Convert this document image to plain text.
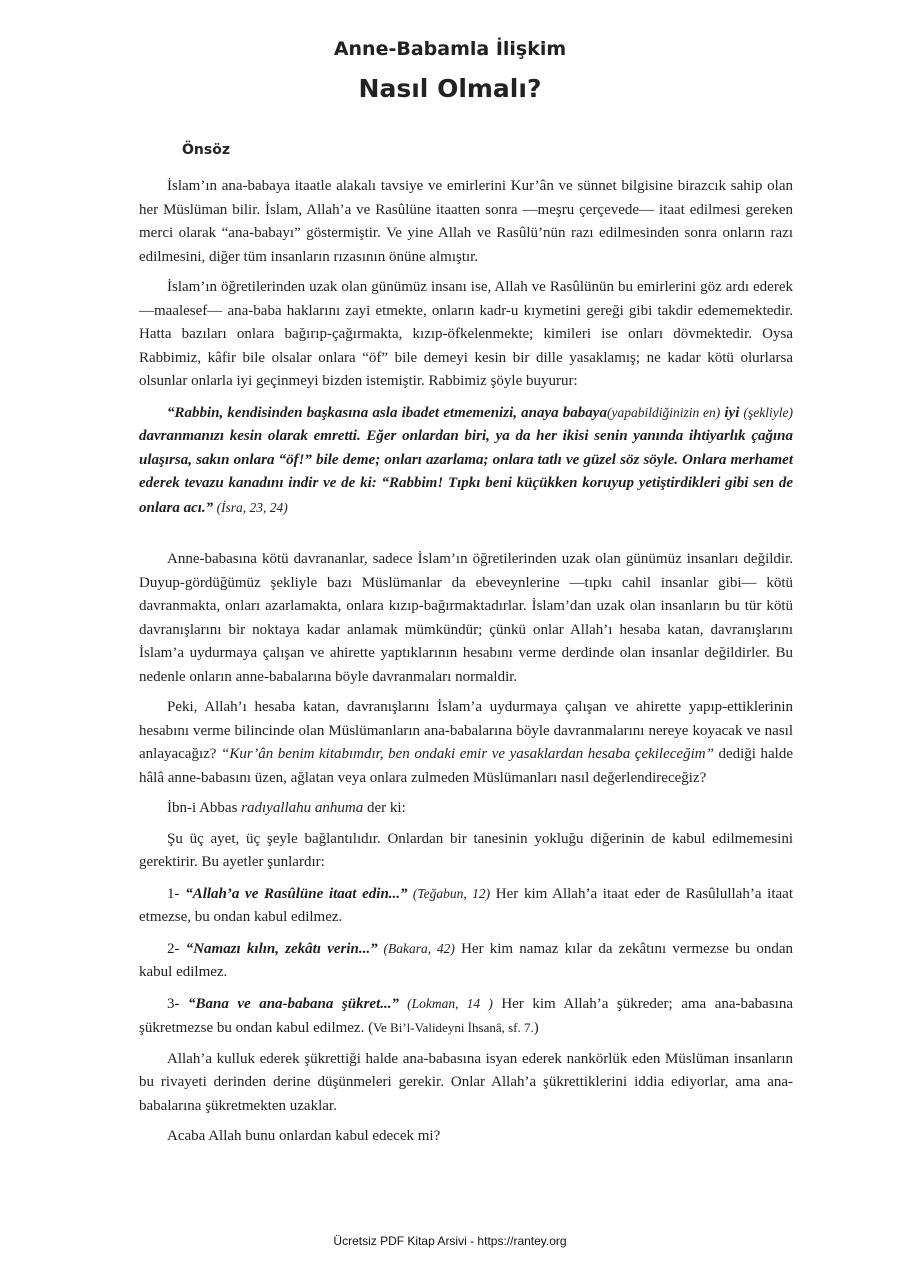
Anne-Babamla İlişkim
Nasıl Olmalı?
Önsöz

İslam’ın ana-babaya itaatle alakalı tavsiye ve emirlerini Kur’ân ve sünnet bilgisine birazcık sahip olan her Müslüman bilir. İslam, Allah’a ve Rasûlüne itaatten sonra —meşru çerçevede— itaat edilmesi gereken merci olarak “ana-babayı” göstermiştir. Ve yine Allah ve Rasûlü’nün razı edilmesinden sonra onların razı edilmesini, diğer tüm insanların rızasının önüne almıştır.

İslam’ın öğretilerinden uzak olan günümüz insanı ise, Allah ve Rasûlünün bu emirlerini göz ardı ederek —maalesef— ana-baba haklarını zayi etmekte, onların kadr-u kıymetini gereği gibi takdir edememektedir. Hatta bazıları onlara bağırıp-çağırmakta, kızıp-öfkelenmekte; kimileri ise onları dövmektedir. Oysa Rabbimiz, kâfir bile olsalar onlara “öf” bile demeyi kesin bir dille yasaklamış; ne kadar kötü olurlarsa olsunlar onlarla iyi geçinmeyi bizden istemiştir. Rabbimiz şöyle buyurur:

“Rabbin, kendisinden başkasına asla ibadet etmemenizi, anaya babaya(yapabildiğinizin en) iyi (şekliyle) davranmanızı kesin olarak emretti. Eğer onlardan biri, ya da her ikisi senin yanında ihtiyarlık çağına ulaşırsa, sakın onlara “öf!” bile deme; onları azarlama; onlara tatlı ve güzel söz söyle. Onlara merhamet ederek tevazu kanadını indir ve de ki: “Rabbim! Tıpkı beni küçükken koruyup yetiştirdikleri gibi sen de onlara acı.” (İsra, 23, 24)

Anne-babasına kötü davrananlar, sadece İslam’ın öğretilerinden uzak olan günümüz insanları değildir. Duyup-gördüğümüz şekliyle bazı Müslümanlar da ebeveynlerine —tıpkı cahil insanlar gibi— kötü davranmakta, onları azarlamakta, onlara kızıp-bağırmaktadırlar. İslam’dan uzak olan insanların bu tür kötü davranışlarını bir noktaya kadar anlamak mümkündür; çünkü onlar Allah’ı hesaba katan, davranışlarını İslam’a uydurmaya çalışan ve ahirette yaptıklarının hesabını verme derdinde olan insanlar değildirler. Bu nedenle onların anne-babalarına böyle davranmaları normaldir.

Peki, Allah’ı hesaba katan, davranışlarını İslam’a uydurmaya çalışan ve ahirette yapıp-ettiklerinin hesabını verme bilincinde olan Müslümanların ana-babalarına böyle davranmalarını nereye koyacak ve nasıl anlayacağız? “Kur’ân benim kitabımdır, ben ondaki emir ve yasaklardan hesaba çekileceğim” dediği halde hâlâ anne-babasını üzen, ağlatan veya onlara zulmeden Müslümanları nasıl değerlendireceğiz?

İbn-i Abbas radıyallahu anhuma der ki:

Şu üç ayet, üç şeyle bağlantılıdır. Onlardan bir tanesinin yokluğu diğerinin de kabul edilmemesini gerektirir. Bu ayetler şunlardır:

1- “Allah’a ve Rasûlüne itaat edin...” (Teğabun, 12) Her kim Allah’a itaat eder de Rasûlullah’a itaat etmezse, bu ondan kabul edilmez.

2- “Namazı kılın, zekâtı verin...” (Bakara, 42) Her kim namaz kılar da zekâtını vermezse bu ondan kabul edilmez.

3- “Bana ve ana-babana şükret...” (Lokman, 14 ) Her kim Allah’a şükreder; ama ana-babasına şükretmezse bu ondan kabul edilmez. (Ve Bi’l-Valideyni İhsanâ, sf. 7.)

Allah’a kulluk ederek şükrettiği halde ana-babasına isyan ederek nankörlük eden Müslüman insanların bu rivayeti derinden derine düşünmeleri gerekir. Onlar Allah’a şükrettiklerini iddia ediyorlar, ama ana-babalarına şükretmekten uzaklar.

Acaba Allah bunu onlardan kabul edecek mi?

Ücretsiz PDF Kitap Arsivi - https://rantey.org
